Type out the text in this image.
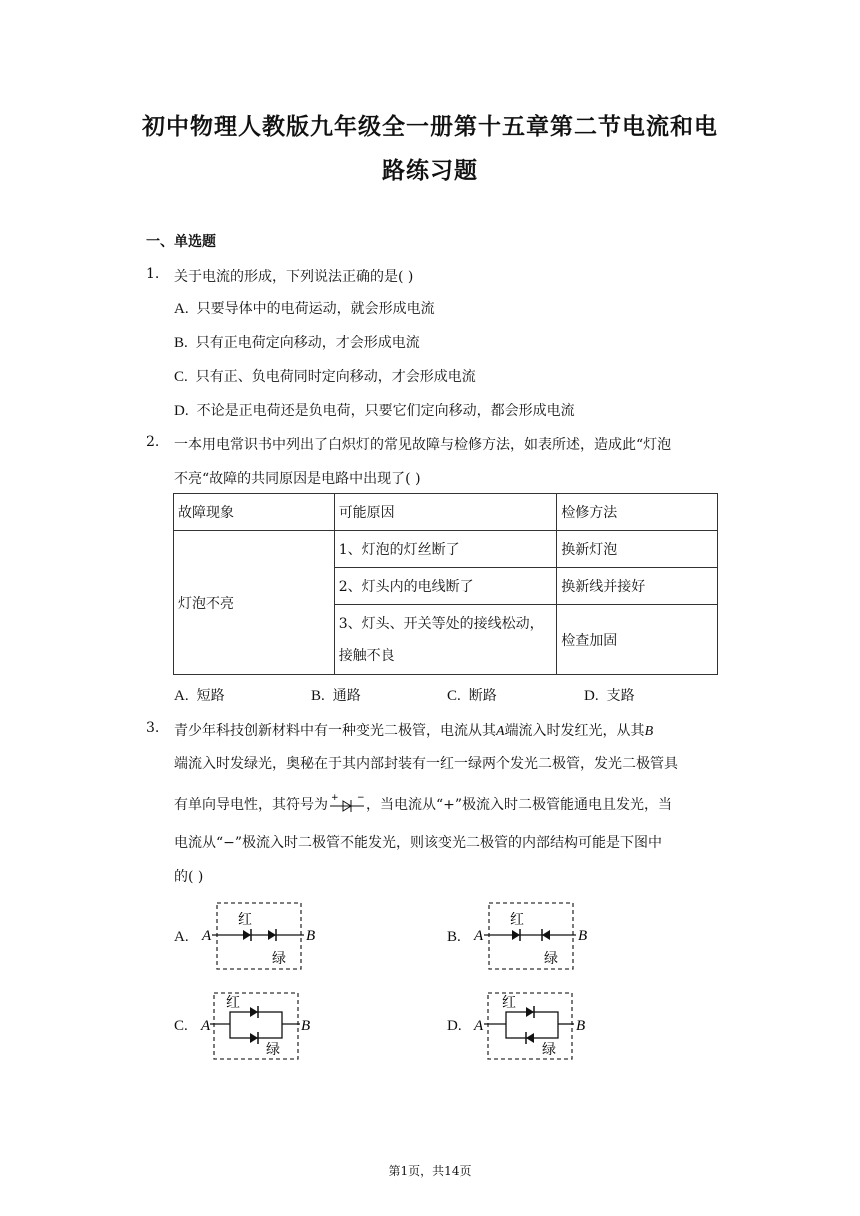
初中物理人教版九年级全一册第十五章第二节电流和电
路练习题
一、单选题
1. 关于电流的形成，下列说法正确的是( )
A. 只要导体中的电荷运动，就会形成电流
B. 只有正电荷定向移动，才会形成电流
C. 只有正、负电荷同时定向移动，才会形成电流
D. 不论是正电荷还是负电荷，只要它们定向移动，都会形成电流
2. 一本用电常识书中列出了白炽灯的常见故障与检修方法，如表所述，造成此“灯泡
不亮“故障的共同原因是电路中出现了( )
故障现象	可能原因	检修方法
灯泡不亮	1、灯泡的灯丝断了	换新灯泡
	2、灯头内的电线断了	换新线并接好
	3、灯头、开关等处的接线松动，
接触不良	检查加固
A. 短路	B. 通路	C. 断路	D. 支路
3. 青少年科技创新材料中有一种变光二极管，电流从其A端流入时发红光，从其B
端流入时发绿光，奥秘在于其内部封装有一红一绿两个发光二极管，发光二极管具
有单向导电性，其符号为 + − ，当电流从“+”极流入时二极管能通电且发光，当
电流从“−”极流入时二极管不能发光，则该变光二极管的内部结构可能是下图中
的( )
A. A	B
红
绿
B. A	B
红
绿
C. A	B
红
绿
D. A	B
红
绿
第1页，共14页
